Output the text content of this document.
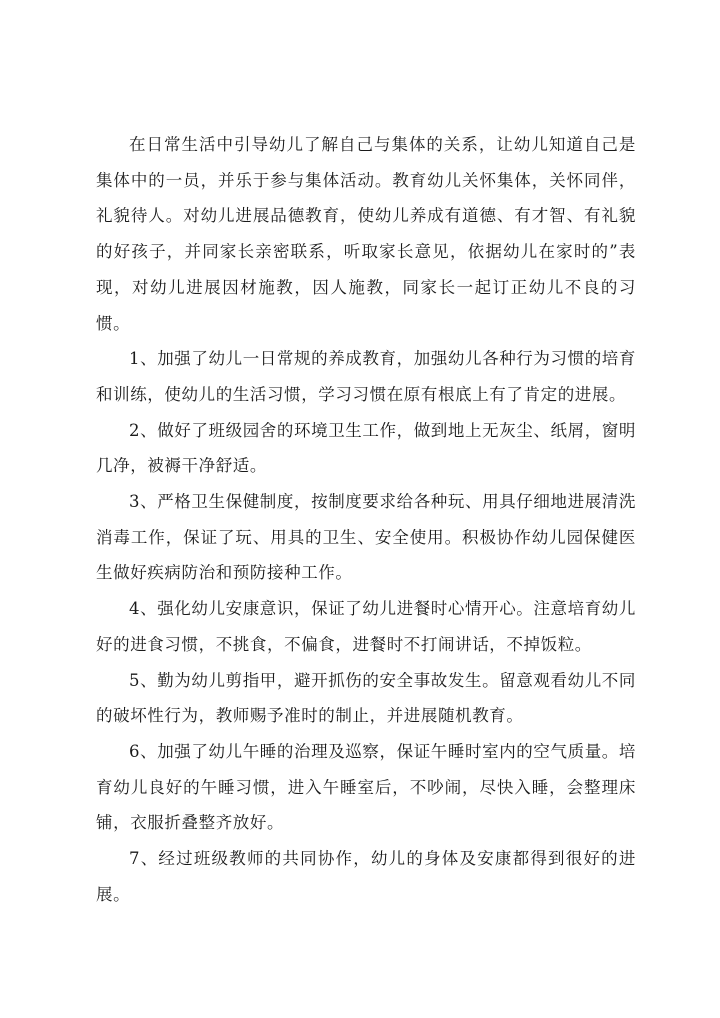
在日常生活中引导幼儿了解自己与集体的关系，让幼儿知道自己是集体中的一员，并乐于参与集体活动。教育幼儿关怀集体，关怀同伴，礼貌待人。对幼儿进展品德教育，使幼儿养成有道德、有才智、有礼貌的好孩子，并同家长亲密联系，听取家长意见，依据幼儿在家时的”表现，对幼儿进展因材施教，因人施教，同家长一起订正幼儿不良的习惯。

1、加强了幼儿一日常规的养成教育，加强幼儿各种行为习惯的培育和训练，使幼儿的生活习惯，学习习惯在原有根底上有了肯定的进展。

2、做好了班级园舍的环境卫生工作，做到地上无灰尘、纸屑，窗明几净，被褥干净舒适。

3、严格卫生保健制度，按制度要求给各种玩、用具仔细地进展清洗消毒工作，保证了玩、用具的卫生、安全使用。积极协作幼儿园保健医生做好疾病防治和预防接种工作。

4、强化幼儿安康意识，保证了幼儿进餐时心情开心。注意培育幼儿好的进食习惯，不挑食，不偏食，进餐时不打闹讲话，不掉饭粒。

5、勤为幼儿剪指甲，避开抓伤的安全事故发生。留意观看幼儿不同的破坏性行为，教师赐予准时的制止，并进展随机教育。

6、加强了幼儿午睡的治理及巡察，保证午睡时室内的空气质量。培育幼儿良好的午睡习惯，进入午睡室后，不吵闹，尽快入睡，会整理床铺，衣服折叠整齐放好。

7、经过班级教师的共同协作，幼儿的身体及安康都得到很好的进展。
